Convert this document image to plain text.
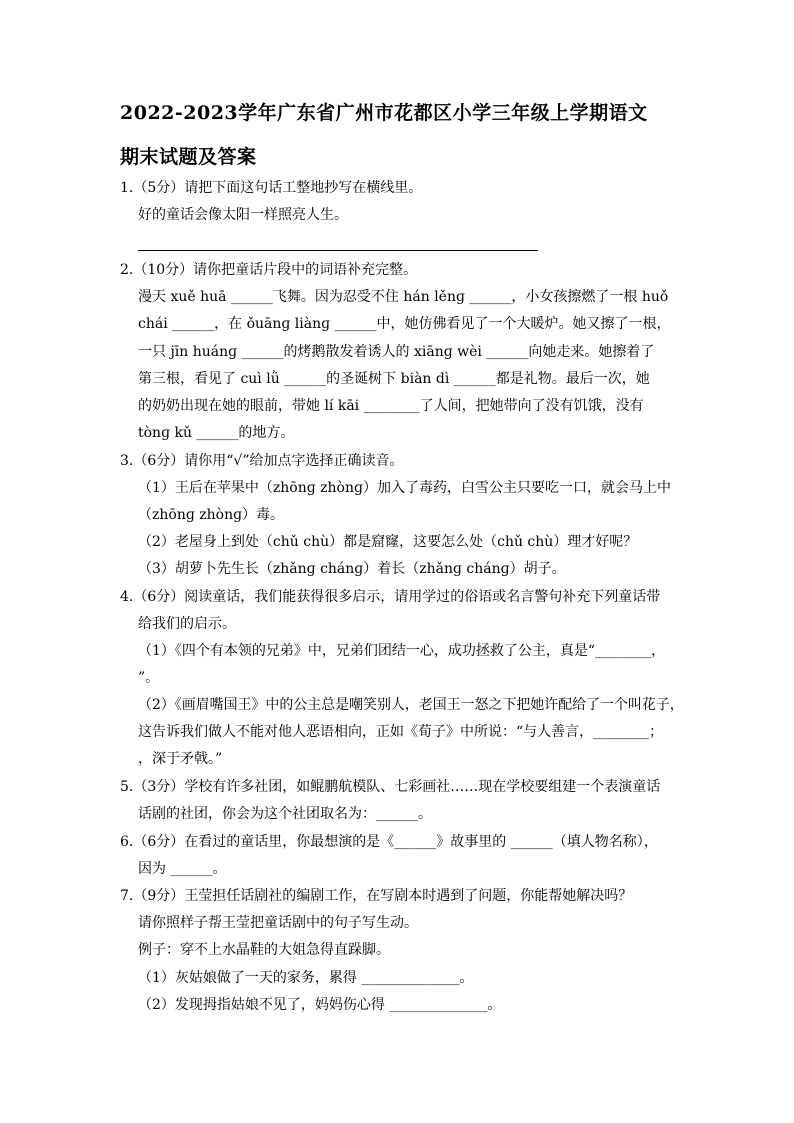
2022-2023学年广东省广州市花都区小学三年级上学期语文
期末试题及答案
1.（5分）请把下面这句话工整地抄写在横线里。
好的童话会像太阳一样照亮人生。
2.（10分）请你把童话片段中的词语补充完整。
漫天 xuě huā ______飞舞。因为忍受不住 hán lěnɡ ______，小女孩擦燃了一根 huǒ
chái ______，在 ǒuānɡ liànɡ ______中，她仿佛看见了一个大暖炉。她又擦了一根，
一只 jīn huánɡ ______的烤鹅散发着诱人的 xiānɡ wèi ______向她走来。她擦着了
第三根，看见了 cuì lǜ ______的圣诞树下 biàn dì ______都是礼物。最后一次，她
的奶奶出现在她的眼前，带她 lí kāi ________了人间，把她带向了没有饥饿，没有
tònɡ kǔ ______的地方。
3.（6分）请你用“√”给加点字选择正确读音。
（1）王后在苹果中（zhōnɡ zhònɡ）加入了毒药，白雪公主只要吃一口，就会马上中
（zhōnɡ zhònɡ）毒。
（2）老屋身上到处（chǔ chù）都是窟窿，这要怎么处（chǔ chù）理才好呢？
（3）胡萝卜先生长（zhǎnɡ chánɡ）着长（zhǎnɡ chánɡ）胡子。
4.（6分）阅读童话，我们能获得很多启示，请用学过的俗语或名言警句补充下列童话带
给我们的启示。
（1）《四个有本领的兄弟》中，兄弟们团结一心，成功拯救了公主，真是“________，
”。
（2）《画眉嘴国王》中的公主总是嘲笑别人，老国王一怒之下把她许配给了一个叫花子，
这告诉我们做人不能对他人恶语相向，正如《荀子》中所说：“与人善言，________；
，深于矛戟。”
5.（3分）学校有许多社团，如鲲鹏航模队、七彩画社……现在学校要组建一个表演童话
话剧的社团，你会为这个社团取名为：______。
6.（6分）在看过的童话里，你最想演的是《______》故事里的 ______（填人物名称），
因为 ______。
7.（9分）王莹担任话剧社的编剧工作，在写剧本时遇到了问题，你能帮她解决吗？
请你照样子帮王莹把童话剧中的句子写生动。
例子：穿不上水晶鞋的大姐急得直跺脚。
（1）灰姑娘做了一天的家务，累得 ______________。
（2）发现拇指姑娘不见了，妈妈伤心得 ______________。
